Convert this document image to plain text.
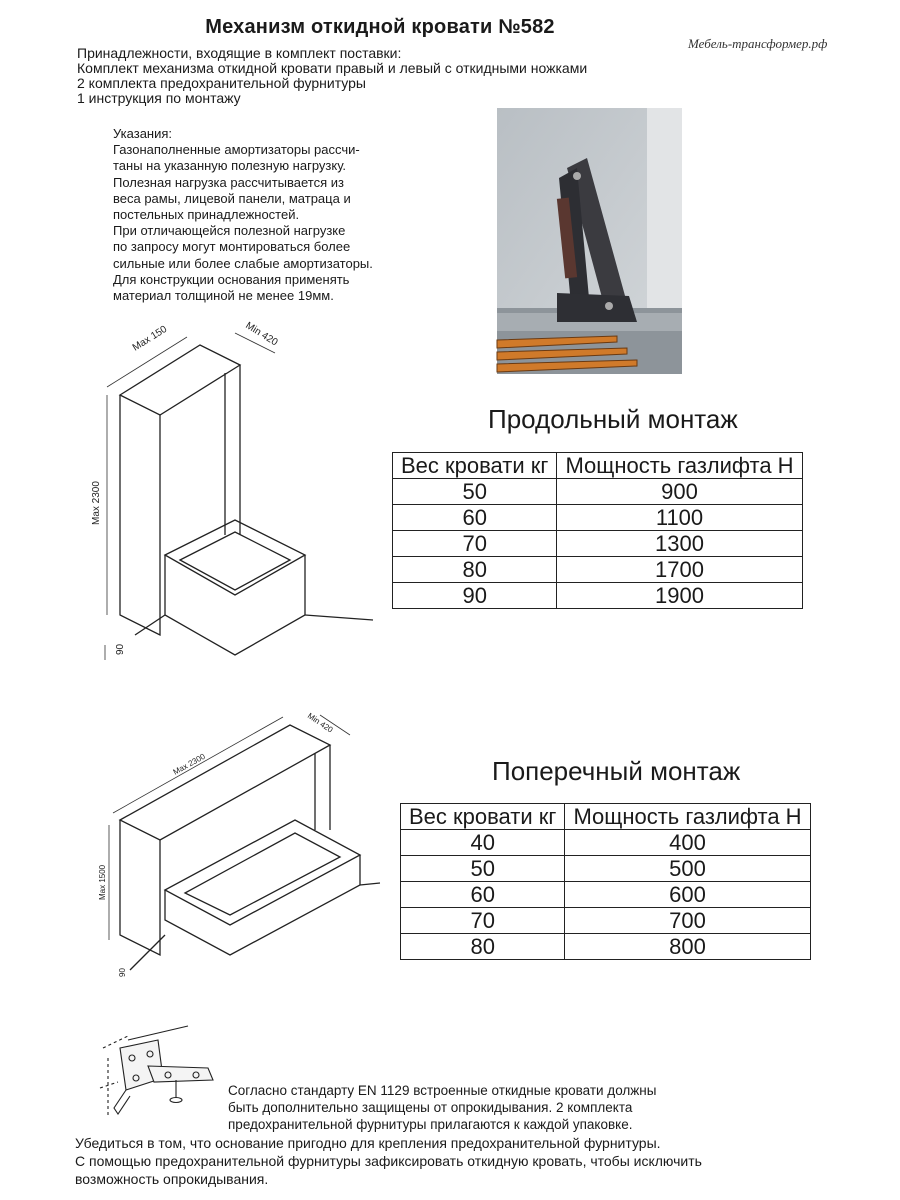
Механизм откидной кровати №582
Мебель-трансформер.рф
Принадлежности, входящие в комплект поставки:
Комплект механизма откидной кровати правый и левый с откидными ножками
2 комплекта предохранительной фурнитуры
1 инструкция по монтажу
Указания:
Газонаполненные амортизаторы рассчи-
таны на указанную полезную нагрузку.
Полезная нагрузка рассчитывается из
веса рамы, лицевой панели, матраца и
постельных принадлежностей.
При отличающейся полезной нагрузке
по запросу могут монтироваться более
сильные или более слабые амортизаторы.
Для конструкции основания применять
материал толщиной не менее 19мм.
Max 150	Min 420
Max 2300
90
Продольный монтаж
Вес кровати кг	Мощность газлифта Н
50	900
60	1100
70	1300
80	1700
90	1900
Max 2300
Min 420
Max 1500
90
Поперечный монтаж
Вес кровати кг	Мощность газлифта Н
40	400
50	500
60	600
70	700
80	800
Согласно стандарту EN 1129 встроенные откидные кровати должны
быть дополнительно защищены от опрокидывания. 2 комплекта
предохранительной фурнитуры прилагаются к каждой упаковке.
Убедиться в том, что основание пригодно для крепления предохранительной фурнитуры.
С помощью предохранительной фурнитуры зафиксировать откидную кровать, чтобы исключить
возможность опрокидывания.
